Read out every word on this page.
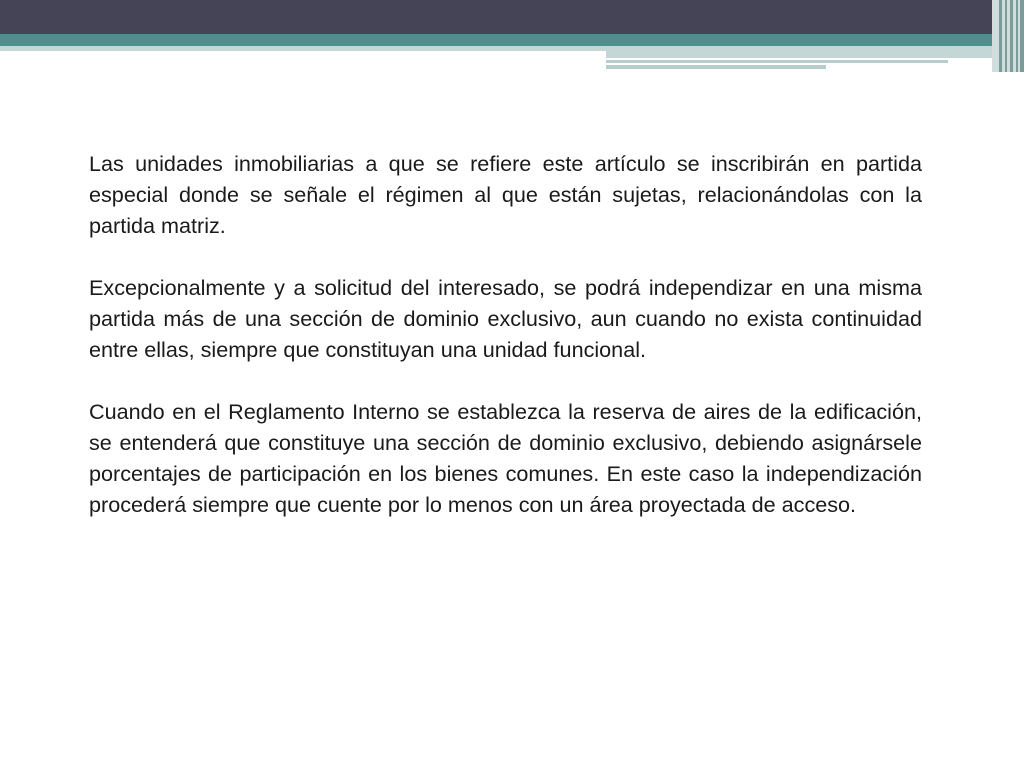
Las unidades inmobiliarias a que se refiere este artículo se inscribirán en partida especial donde se señale el régimen al que están sujetas, relacionándolas con la partida matriz.

Excepcionalmente y a solicitud del interesado, se podrá independizar en una misma partida más de una sección de dominio exclusivo, aun cuando no exista continuidad entre ellas, siempre que constituyan una unidad funcional.

Cuando en el Reglamento Interno se establezca la reserva de aires de la edificación, se entenderá que constituye una sección de dominio exclusivo, debiendo asignársele porcentajes de participación en los bienes comunes. En este caso la independización procederá siempre que cuente por lo menos con un área proyectada de acceso.
